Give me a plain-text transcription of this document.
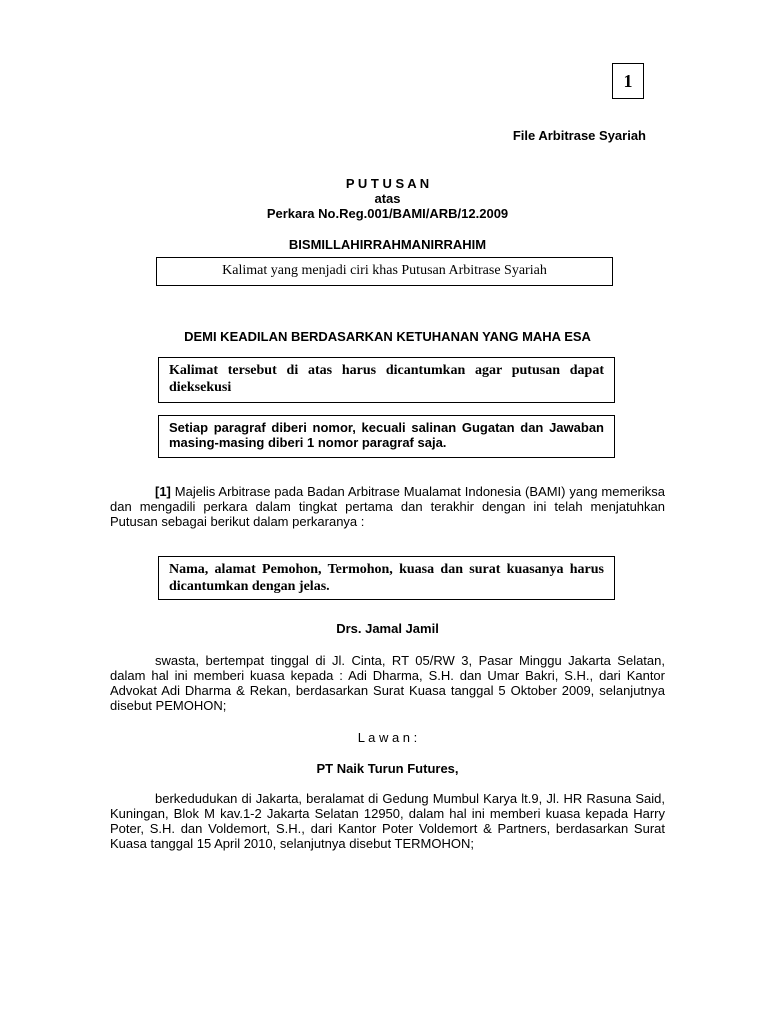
1
File Arbitrase Syariah
P U T U S A N
atas
Perkara No.Reg.001/BAMI/ARB/12.2009
BISMILLAHIRRAHMANIRRAHIM
Kalimat yang menjadi ciri khas Putusan Arbitrase Syariah
DEMI KEADILAN BERDASARKAN KETUHANAN YANG MAHA ESA
Kalimat tersebut di atas harus dicantumkan agar putusan dapat dieksekusi
Setiap paragraf diberi nomor, kecuali salinan Gugatan dan Jawaban masing-masing diberi 1 nomor paragraf saja.
[1] Majelis Arbitrase pada Badan Arbitrase Mualamat Indonesia (BAMI) yang memeriksa dan mengadili perkara dalam tingkat pertama dan terakhir dengan ini telah menjatuhkan Putusan sebagai berikut dalam perkaranya :
Nama, alamat Pemohon, Termohon, kuasa dan surat kuasanya harus dicantumkan dengan jelas.
Drs. Jamal Jamil
swasta, bertempat tinggal di Jl. Cinta, RT 05/RW 3, Pasar Minggu Jakarta Selatan, dalam hal ini memberi kuasa kepada : Adi Dharma, S.H. dan Umar Bakri, S.H., dari Kantor Advokat Adi Dharma & Rekan, berdasarkan Surat Kuasa tanggal 5 Oktober 2009, selanjutnya disebut PEMOHON;
L a w a n :
PT Naik Turun Futures,
berkedudukan di Jakarta, beralamat di Gedung Mumbul Karya lt.9, Jl. HR Rasuna Said, Kuningan, Blok M kav.1-2 Jakarta Selatan 12950, dalam hal ini memberi kuasa kepada Harry Poter, S.H. dan Voldemort, S.H., dari Kantor Poter Voldemort & Partners, berdasarkan Surat Kuasa tanggal 15 April 2010, selanjutnya disebut TERMOHON;
